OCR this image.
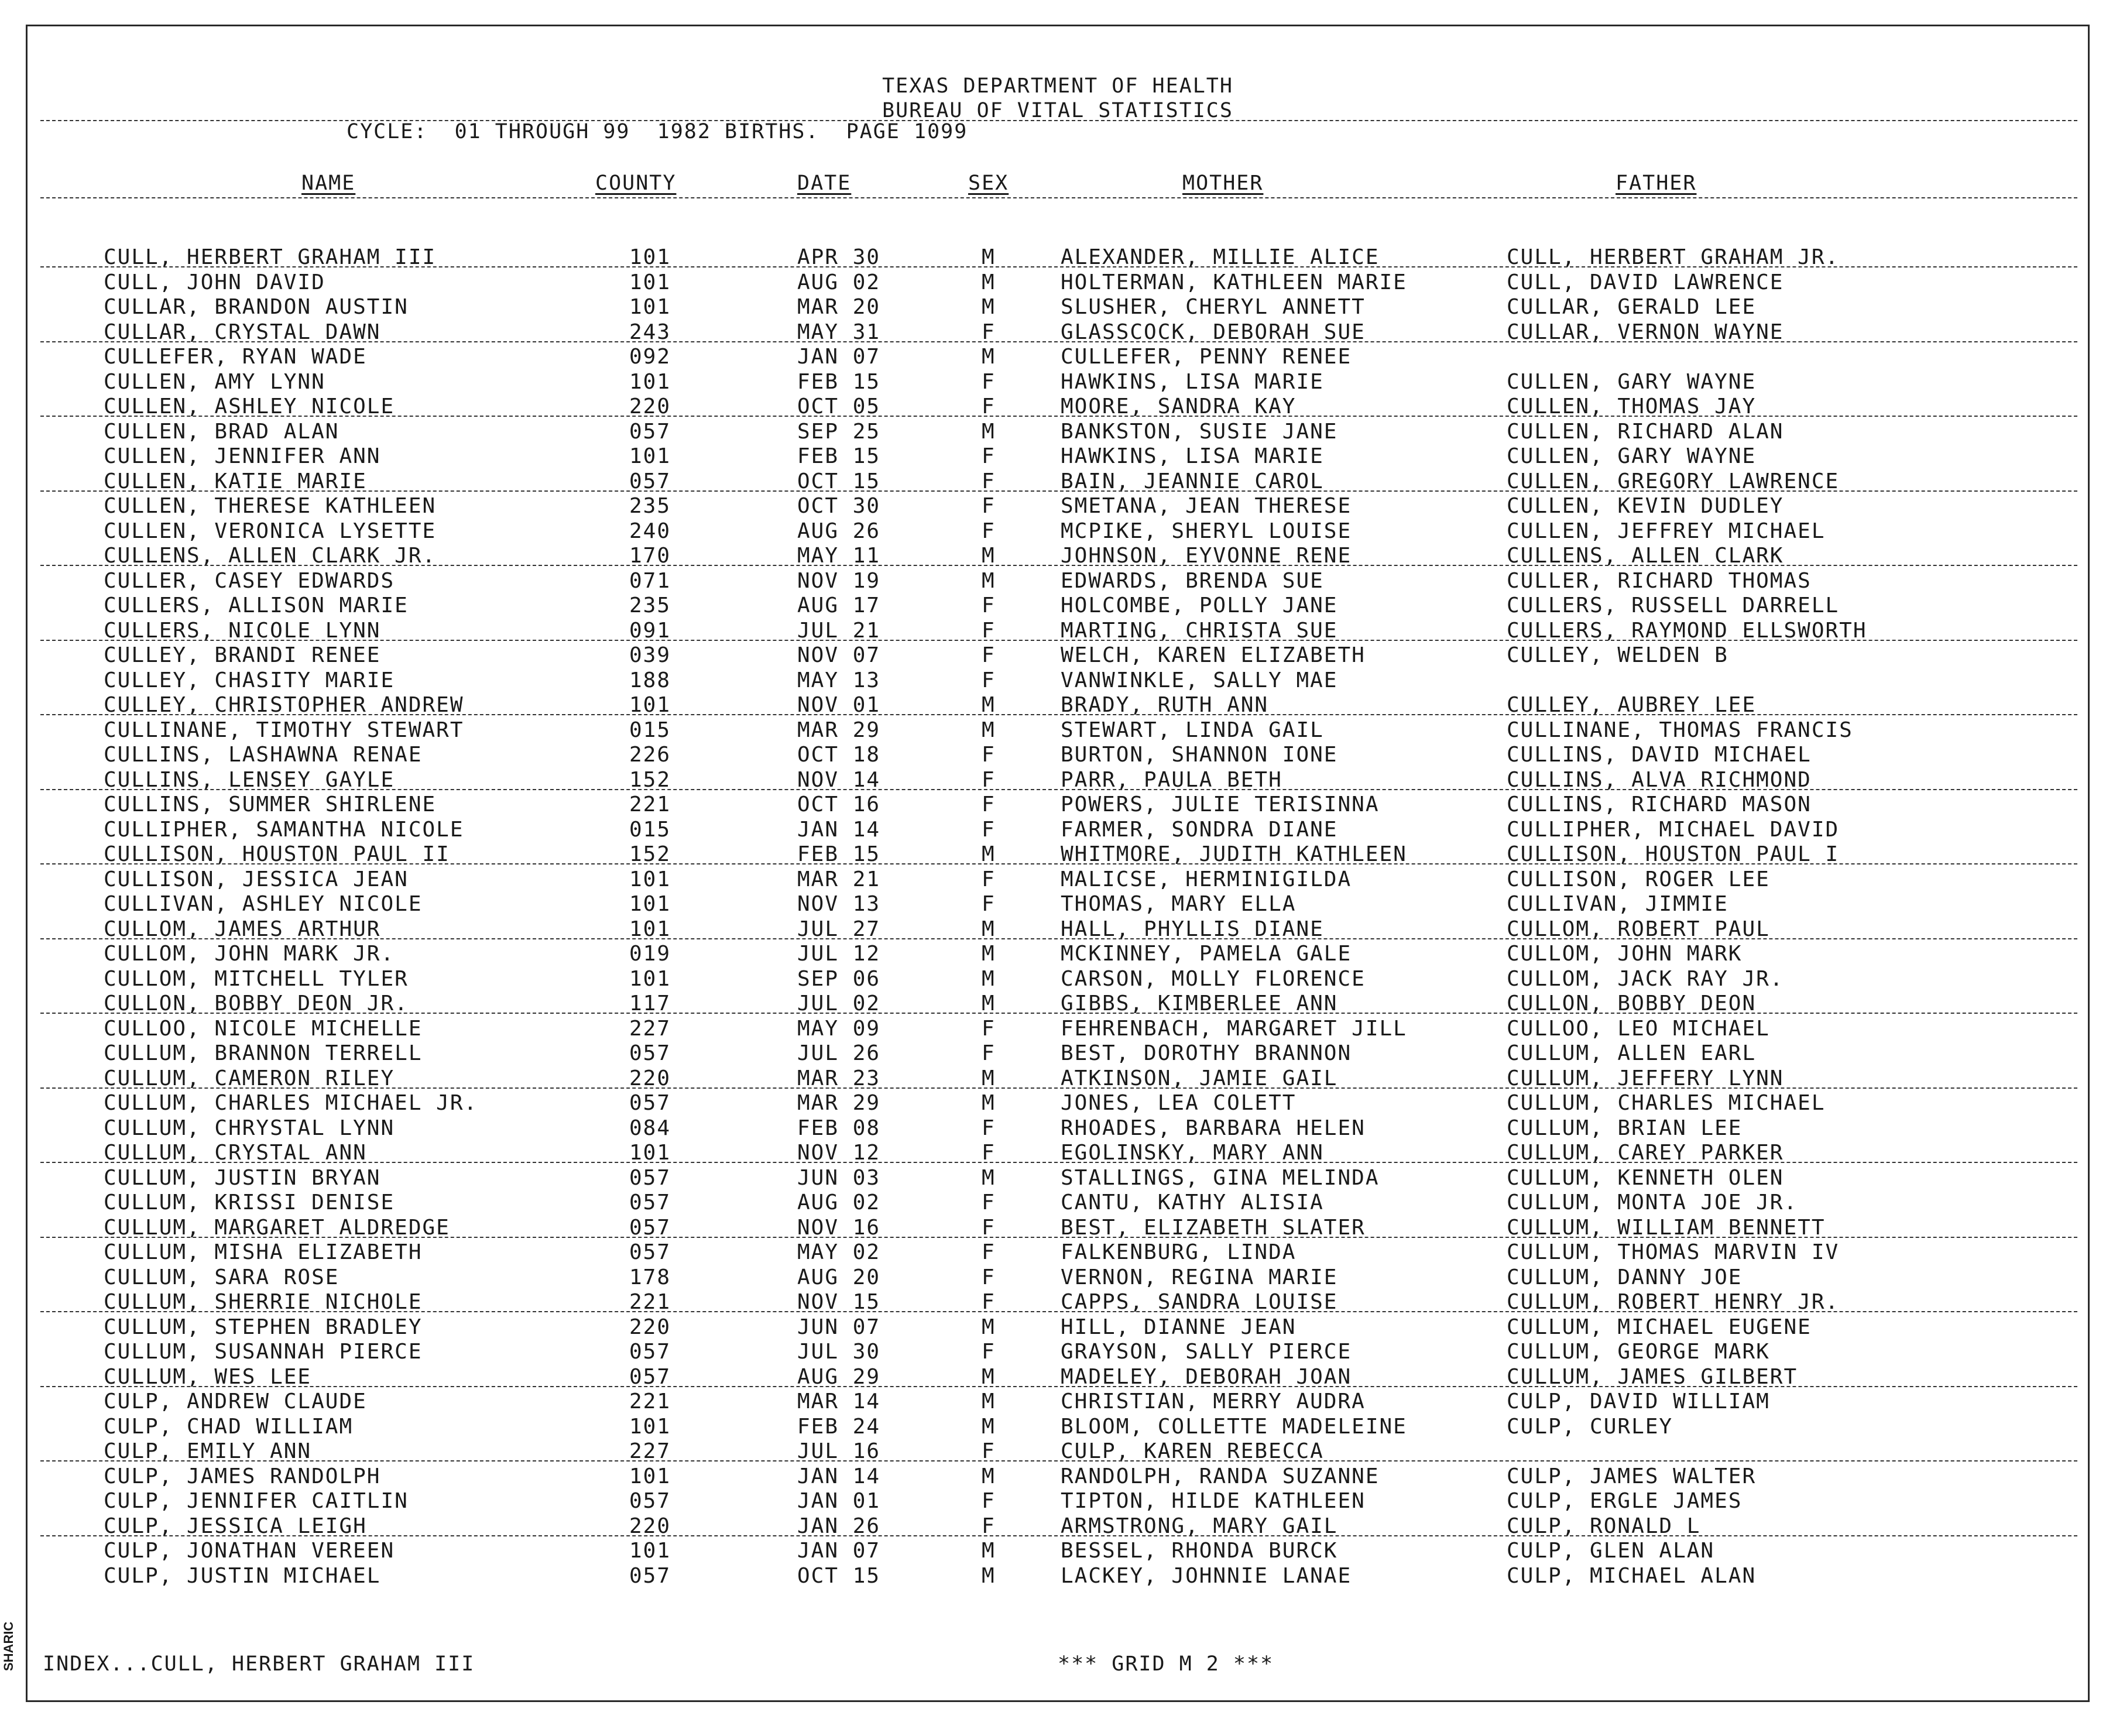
TEXAS DEPARTMENT OF HEALTH
BUREAU OF VITAL STATISTICS
CYCLE:  01 THROUGH 99  1982 BIRTHS.  PAGE 1099
NAME	COUNTY	DATE	SEX	MOTHER	FATHER
CULL, HERBERT GRAHAM III	101	APR 30	M	ALEXANDER, MILLIE ALICE	CULL, HERBERT GRAHAM JR.
CULL, JOHN DAVID	101	AUG 02	M	HOLTERMAN, KATHLEEN MARIE	CULL, DAVID LAWRENCE
CULLAR, BRANDON AUSTIN	101	MAR 20	M	SLUSHER, CHERYL ANNETT	CULLAR, GERALD LEE
CULLAR, CRYSTAL DAWN	243	MAY 31	F	GLASSCOCK, DEBORAH SUE	CULLAR, VERNON WAYNE
CULLEFER, RYAN WADE	092	JAN 07	M	CULLEFER, PENNY RENEE
CULLEN, AMY LYNN	101	FEB 15	F	HAWKINS, LISA MARIE	CULLEN, GARY WAYNE
CULLEN, ASHLEY NICOLE	220	OCT 05	F	MOORE, SANDRA KAY	CULLEN, THOMAS JAY
CULLEN, BRAD ALAN	057	SEP 25	M	BANKSTON, SUSIE JANE	CULLEN, RICHARD ALAN
CULLEN, JENNIFER ANN	101	FEB 15	F	HAWKINS, LISA MARIE	CULLEN, GARY WAYNE
CULLEN, KATIE MARIE	057	OCT 15	F	BAIN, JEANNIE CAROL	CULLEN, GREGORY LAWRENCE
CULLEN, THERESE KATHLEEN	235	OCT 30	F	SMETANA, JEAN THERESE	CULLEN, KEVIN DUDLEY
CULLEN, VERONICA LYSETTE	240	AUG 26	F	MCPIKE, SHERYL LOUISE	CULLEN, JEFFREY MICHAEL
CULLENS, ALLEN CLARK JR.	170	MAY 11	M	JOHNSON, EYVONNE RENE	CULLENS, ALLEN CLARK
CULLER, CASEY EDWARDS	071	NOV 19	M	EDWARDS, BRENDA SUE	CULLER, RICHARD THOMAS
CULLERS, ALLISON MARIE	235	AUG 17	F	HOLCOMBE, POLLY JANE	CULLERS, RUSSELL DARRELL
CULLERS, NICOLE LYNN	091	JUL 21	F	MARTING, CHRISTA SUE	CULLERS, RAYMOND ELLSWORTH
CULLEY, BRANDI RENEE	039	NOV 07	F	WELCH, KAREN ELIZABETH	CULLEY, WELDEN B
CULLEY, CHASITY MARIE	188	MAY 13	F	VANWINKLE, SALLY MAE
CULLEY, CHRISTOPHER ANDREW	101	NOV 01	M	BRADY, RUTH ANN	CULLEY, AUBREY LEE
CULLINANE, TIMOTHY STEWART	015	MAR 29	M	STEWART, LINDA GAIL	CULLINANE, THOMAS FRANCIS
CULLINS, LASHAWNA RENAE	226	OCT 18	F	BURTON, SHANNON IONE	CULLINS, DAVID MICHAEL
CULLINS, LENSEY GAYLE	152	NOV 14	F	PARR, PAULA BETH	CULLINS, ALVA RICHMOND
CULLINS, SUMMER SHIRLENE	221	OCT 16	F	POWERS, JULIE TERISINNA	CULLINS, RICHARD MASON
CULLIPHER, SAMANTHA NICOLE	015	JAN 14	F	FARMER, SONDRA DIANE	CULLIPHER, MICHAEL DAVID
CULLISON, HOUSTON PAUL II	152	FEB 15	M	WHITMORE, JUDITH KATHLEEN	CULLISON, HOUSTON PAUL I
CULLISON, JESSICA JEAN	101	MAR 21	F	MALICSE, HERMINIGILDA	CULLISON, ROGER LEE
CULLIVAN, ASHLEY NICOLE	101	NOV 13	F	THOMAS, MARY ELLA	CULLIVAN, JIMMIE
CULLOM, JAMES ARTHUR	101	JUL 27	M	HALL, PHYLLIS DIANE	CULLOM, ROBERT PAUL
CULLOM, JOHN MARK JR.	019	JUL 12	M	MCKINNEY, PAMELA GALE	CULLOM, JOHN MARK
CULLOM, MITCHELL TYLER	101	SEP 06	M	CARSON, MOLLY FLORENCE	CULLOM, JACK RAY JR.
CULLON, BOBBY DEON JR.	117	JUL 02	M	GIBBS, KIMBERLEE ANN	CULLON, BOBBY DEON
CULLOO, NICOLE MICHELLE	227	MAY 09	F	FEHRENBACH, MARGARET JILL	CULLOO, LEO MICHAEL
CULLUM, BRANNON TERRELL	057	JUL 26	F	BEST, DOROTHY BRANNON	CULLUM, ALLEN EARL
CULLUM, CAMERON RILEY	220	MAR 23	M	ATKINSON, JAMIE GAIL	CULLUM, JEFFERY LYNN
CULLUM, CHARLES MICHAEL JR.	057	MAR 29	M	JONES, LEA COLETT	CULLUM, CHARLES MICHAEL
CULLUM, CHRYSTAL LYNN	084	FEB 08	F	RHOADES, BARBARA HELEN	CULLUM, BRIAN LEE
CULLUM, CRYSTAL ANN	101	NOV 12	F	EGOLINSKY, MARY ANN	CULLUM, CAREY PARKER
CULLUM, JUSTIN BRYAN	057	JUN 03	M	STALLINGS, GINA MELINDA	CULLUM, KENNETH OLEN
CULLUM, KRISSI DENISE	057	AUG 02	F	CANTU, KATHY ALISIA	CULLUM, MONTA JOE JR.
CULLUM, MARGARET ALDREDGE	057	NOV 16	F	BEST, ELIZABETH SLATER	CULLUM, WILLIAM BENNETT
CULLUM, MISHA ELIZABETH	057	MAY 02	F	FALKENBURG, LINDA	CULLUM, THOMAS MARVIN IV
CULLUM, SARA ROSE	178	AUG 20	F	VERNON, REGINA MARIE	CULLUM, DANNY JOE
CULLUM, SHERRIE NICHOLE	221	NOV 15	F	CAPPS, SANDRA LOUISE	CULLUM, ROBERT HENRY JR.
CULLUM, STEPHEN BRADLEY	220	JUN 07	M	HILL, DIANNE JEAN	CULLUM, MICHAEL EUGENE
CULLUM, SUSANNAH PIERCE	057	JUL 30	F	GRAYSON, SALLY PIERCE	CULLUM, GEORGE MARK
CULLUM, WES LEE	057	AUG 29	M	MADELEY, DEBORAH JOAN	CULLUM, JAMES GILBERT
CULP, ANDREW CLAUDE	221	MAR 14	M	CHRISTIAN, MERRY AUDRA	CULP, DAVID WILLIAM
CULP, CHAD WILLIAM	101	FEB 24	M	BLOOM, COLLETTE MADELEINE	CULP, CURLEY
CULP, EMILY ANN	227	JUL 16	F	CULP, KAREN REBECCA
CULP, JAMES RANDOLPH	101	JAN 14	M	RANDOLPH, RANDA SUZANNE	CULP, JAMES WALTER
CULP, JENNIFER CAITLIN	057	JAN 01	F	TIPTON, HILDE KATHLEEN	CULP, ERGLE JAMES
CULP, JESSICA LEIGH	220	JAN 26	F	ARMSTRONG, MARY GAIL	CULP, RONALD L
CULP, JONATHAN VEREEN	101	JAN 07	M	BESSEL, RHONDA BURCK	CULP, GLEN ALAN
CULP, JUSTIN MICHAEL	057	OCT 15	M	LACKEY, JOHNNIE LANAE	CULP, MICHAEL ALAN
INDEX...CULL, HERBERT GRAHAM III	*** GRID M 2 ***
SHARIC
